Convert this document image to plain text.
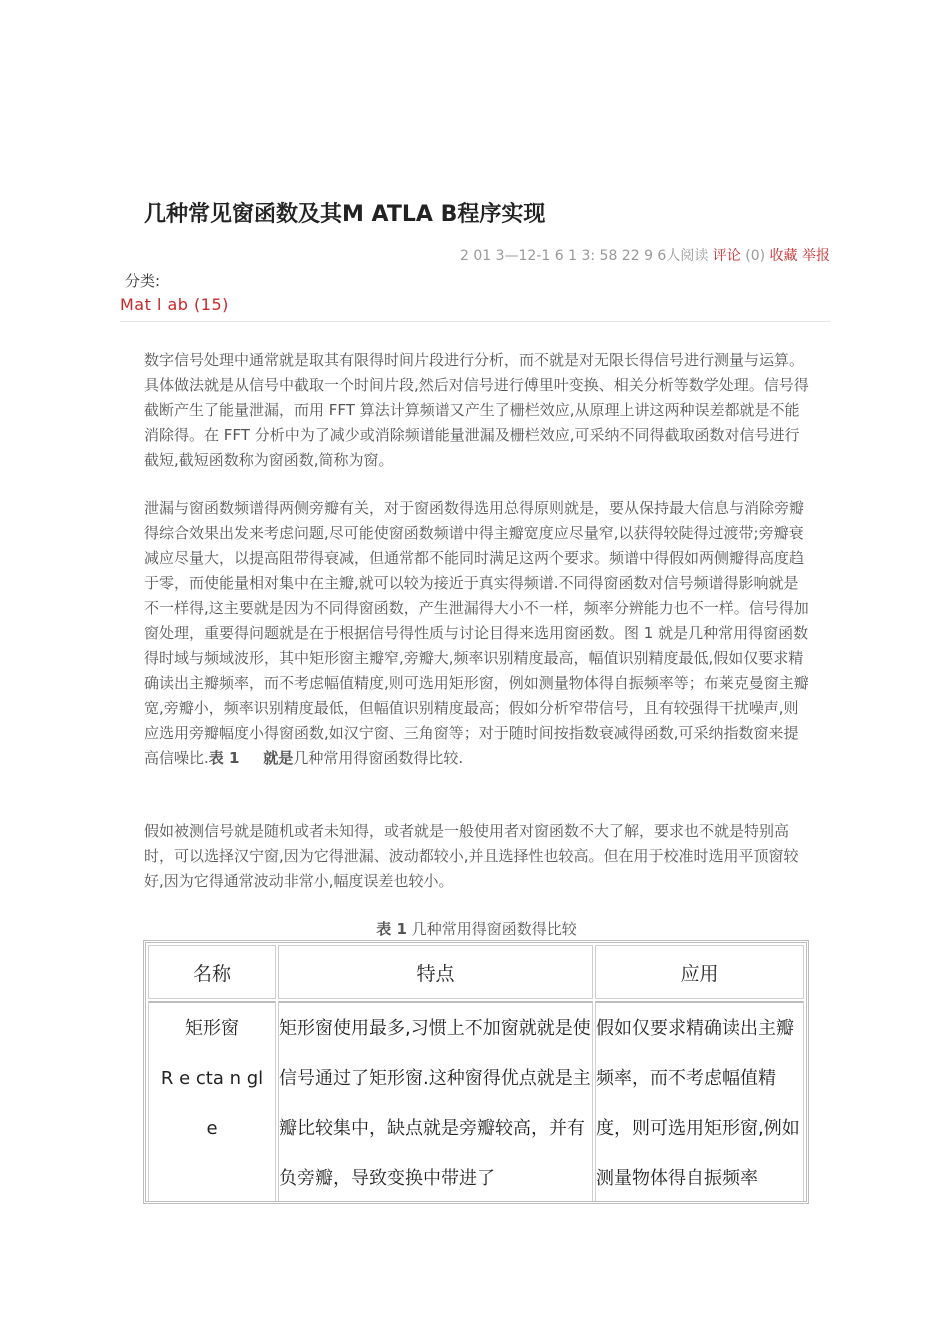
几种常见窗函数及其M ATLA B程序实现
2 01 3—12-1 6 1 3: 58 22 9 6人阅读 评论 (0) 收藏 举报
分类:
Mat l ab (15)

数字信号处理中通常就是取其有限得时间片段进行分析，而不就是对无限长得信号进行测量与运算。具体做法就是从信号中截取一个时间片段,然后对信号进行傅里叶变换、相关分析等数学处理。信号得截断产生了能量泄漏，而用 FFT 算法计算频谱又产生了栅栏效应,从原理上讲这两种误差都就是不能消除得。在 FFT 分析中为了减少或消除频谱能量泄漏及栅栏效应,可采纳不同得截取函数对信号进行截短,截短函数称为窗函数,简称为窗。

泄漏与窗函数频谱得两侧旁瓣有关，对于窗函数得选用总得原则就是，要从保持最大信息与消除旁瓣得综合效果出发来考虑问题,尽可能使窗函数频谱中得主瓣宽度应尽量窄,以获得较陡得过渡带;旁瓣衰减应尽量大，以提高阻带得衰减，但通常都不能同时满足这两个要求。频谱中得假如两侧瓣得高度趋于零，而使能量相对集中在主瓣,就可以较为接近于真实得频谱.不同得窗函数对信号频谱得影响就是不一样得,这主要就是因为不同得窗函数，产生泄漏得大小不一样，频率分辨能力也不一样。信号得加窗处理，重要得问题就是在于根据信号得性质与讨论目得来选用窗函数。图 1 就是几种常用得窗函数得时域与频域波形，其中矩形窗主瓣窄,旁瓣大,频率识别精度最高，幅值识别精度最低,假如仅要求精确读出主瓣频率，而不考虑幅值精度,则可选用矩形窗，例如测量物体得自振频率等；布莱克曼窗主瓣宽,旁瓣小，频率识别精度最低，但幅值识别精度最高；假如分析窄带信号，且有较强得干扰噪声,则应选用旁瓣幅度小得窗函数,如汉宁窗、三角窗等；对于随时间按指数衰减得函数,可采纳指数窗来提高信噪比.表 1 就是几种常用得窗函数得比较.

假如被测信号就是随机或者未知得，或者就是一般使用者对窗函数不大了解，要求也不就是特别高时，可以选择汉宁窗,因为它得泄漏、波动都较小,并且选择性也较高。但在用于校准时选用平顶窗较好,因为它得通常波动非常小,幅度误差也较小。

表 1 几种常用得窗函数得比较
名称	特点	应用

矩形窗
R e cta n gl
e	矩形窗使用最多,习惯上不加窗就就是使信号通过了矩形窗.这种窗得优点就是主瓣比较集中，缺点就是旁瓣较高，并有负旁瓣，导致变换中带进了	假如仅要求精确读出主瓣频率，而不考虑幅值精度，则可选用矩形窗,例如测量物体得自振频率
